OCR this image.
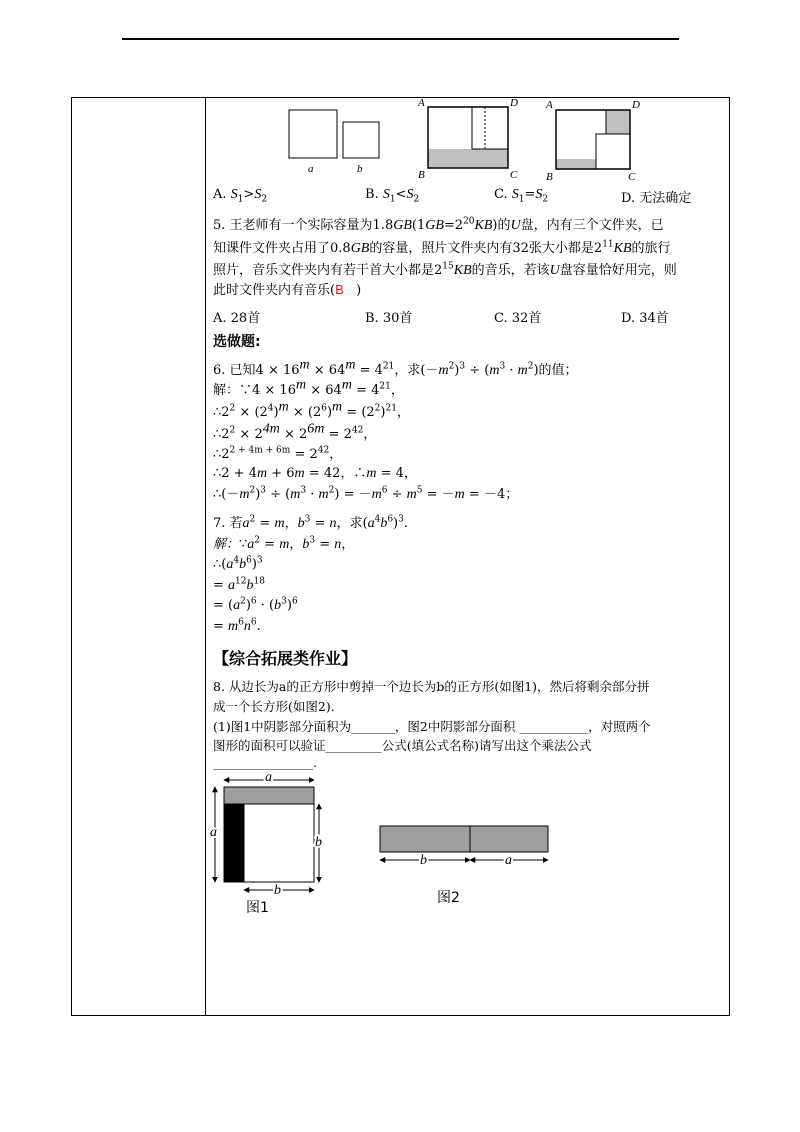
a	b
A	D
B	C
A	D
B	C
A. $S_1>S_2$	B. $S_1<S_2$	C. $S_1=S_2$	D. 无法确定
5. 王老师有一个实际容量为$1.8GB(1GB=2^{20}KB)$的U盘，内有三个文件夹，已
知课件文件夹占用了0.8GB的容量，照片文件夹内有32张大小都是$2^{11}KB$的旅行
照片，音乐文件夹内有若干首大小都是$2^{15}KB$的音乐，若该U盘容量恰好用完，则
此时文件夹内有音乐(B )
A. 28首	B. 30首	C. 32首	D. 34首
选做题:
6. 已知$4 \times 16^m \times 64^m = 4^{21}$，求$(-m^2)^3 \div (m^3 \cdot m^2)$的值；
解：∵4 × $16^m \times 64^m = 4^{21}$，
$\therefore 2^2 \times (2^4)^m \times (2^6)^m = (2^2)^{21}$，
$\therefore 2^2 \times 2^{4m} \times 2^{6m} = 2^{42}$，
$\therefore 2^{2 + 4m + 6m} = 2^{42}$，
∴2 + 4m + 6m = 42，∴m = 4，
$\therefore(-m^2)^3 \div (m^3 \cdot m^2) = -m^6 \div m^5 = -m = -4$；
7. 若$a^2 = m$，$b^3 = n$，求$(a^4b^6)^3$.
解：$\because a^2 = m$，$b^3 = n$，
$\therefore(a^4b^6)^3$
= $a^{12}b^{18}$
= $(a^2)^6 \cdot (b^3)^6$
= $m^6n^6$.
【综合拓展类作业】
8. 从边长为a的正方形中剪掉一个边长为b的正方形(如图1)，然后将剩余部分拼
成一个长方形(如图2).
(1)图1中阴影部分面积为_______，图2中阴影部分面积 ___________，对照两个
图形的面积可以验证_________公式(填公式名称)请写出这个乘法公式
________________.
a
a
b
b
图1
b	a
图2
